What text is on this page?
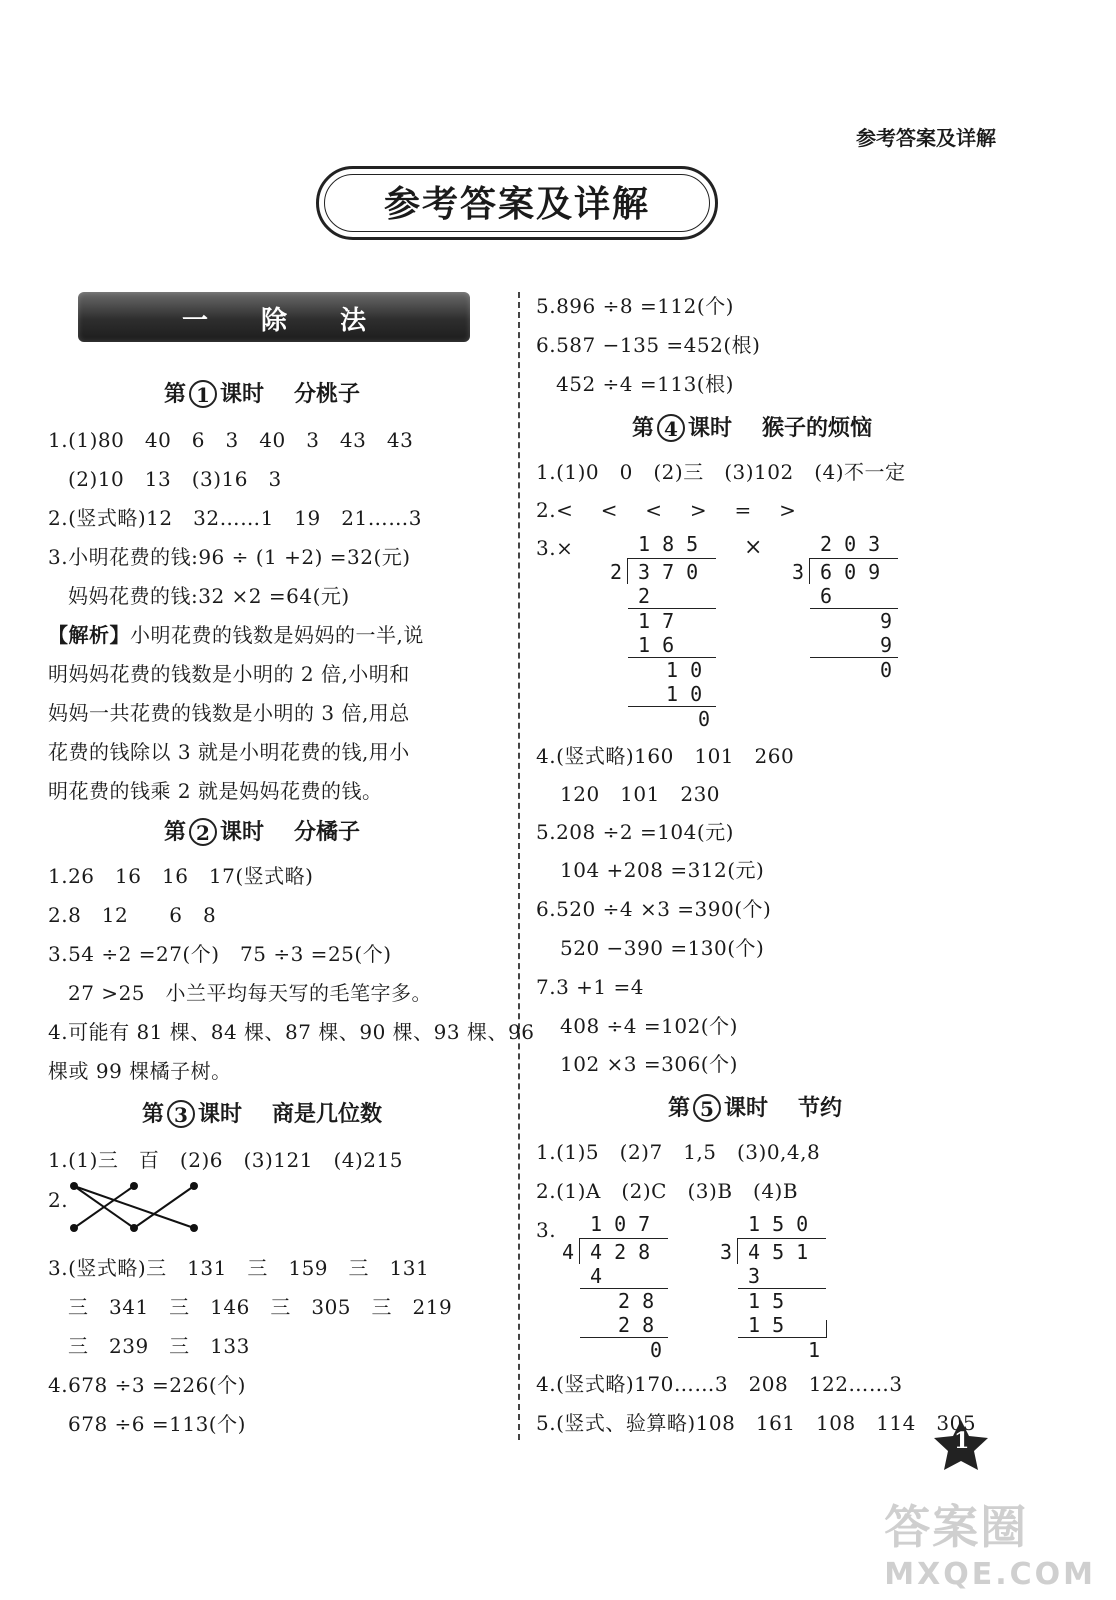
参考答案及详解
参考答案及详解
一 除 法
第 1 课时 分桃子
1.(1)80　40　6　3　40　3　43　43
(2)10　13　(3)16　3
2.(竖式略)12　32……1　19　21……3
3.小明花费的钱:96 ÷ (1 +2) =32(元)
妈妈花费的钱:32 ×2 =64(元)
【解析】小明花费的钱数是妈妈的一半,说
明妈妈花费的钱数是小明的 2 倍,小明和
妈妈一共花费的钱数是小明的 3 倍,用总
花费的钱除以 3 就是小明花费的钱,用小
明花费的钱乘 2 就是妈妈花费的钱。
第 2 课时 分橘子
1.26　16　16　17(竖式略)
2.8　12　　6　8
3.54 ÷2 =27(个)　75 ÷3 =25(个)
27 >25　小兰平均每天写的毛笔字多。
4.可能有 81 棵、84 棵、87 棵、90 棵、93 棵、96
棵或 99 棵橘子树。
第 3 课时 商是几位数
1.(1)三　百　(2)6　(3)121　(4)215
2.
3.(竖式略)三　131　三　159　三　131
三　341　三　146　三　305　三　219
三　239　三　133
4.678 ÷3 =226(个)
678 ÷6 =113(个)
5.896 ÷8 =112(个)
6.587 −135 =452(根)
452 ÷4 =113(根)
第 4 课时 猴子的烦恼
1.(1)0　0　(2)三　(3)102　(4)不一定
2.<　 <　 <　 >　 =　 >
3.×	×
1 8 5
2 3 7 0
2
1 7
1 6
1 0
1 0
0
2 0 3
3 6 0 9
6
9
9
0
4.(竖式略)160　101　260
120　101　230
5.208 ÷2 =104(元)
104 +208 =312(元)
6.520 ÷4 ×3 =390(个)
520 −390 =130(个)
7.3 +1 =4
408 ÷4 =102(个)
102 ×3 =306(个)
第 5 课时 节约
1.(1)5　(2)7　1,5　(3)0,4,8
2.(1)A　(2)C　(3)B　(4)B
3. 1 0 7
4 4 2 8
4
2 8
2 8
0
1 5 0
3 4 5 1
3
1 5
1 5
1
4.(竖式略)170……3　208　122……3
5.(竖式、验算略)108　161　108　114　305
1
答案圈
MXQE.COM
